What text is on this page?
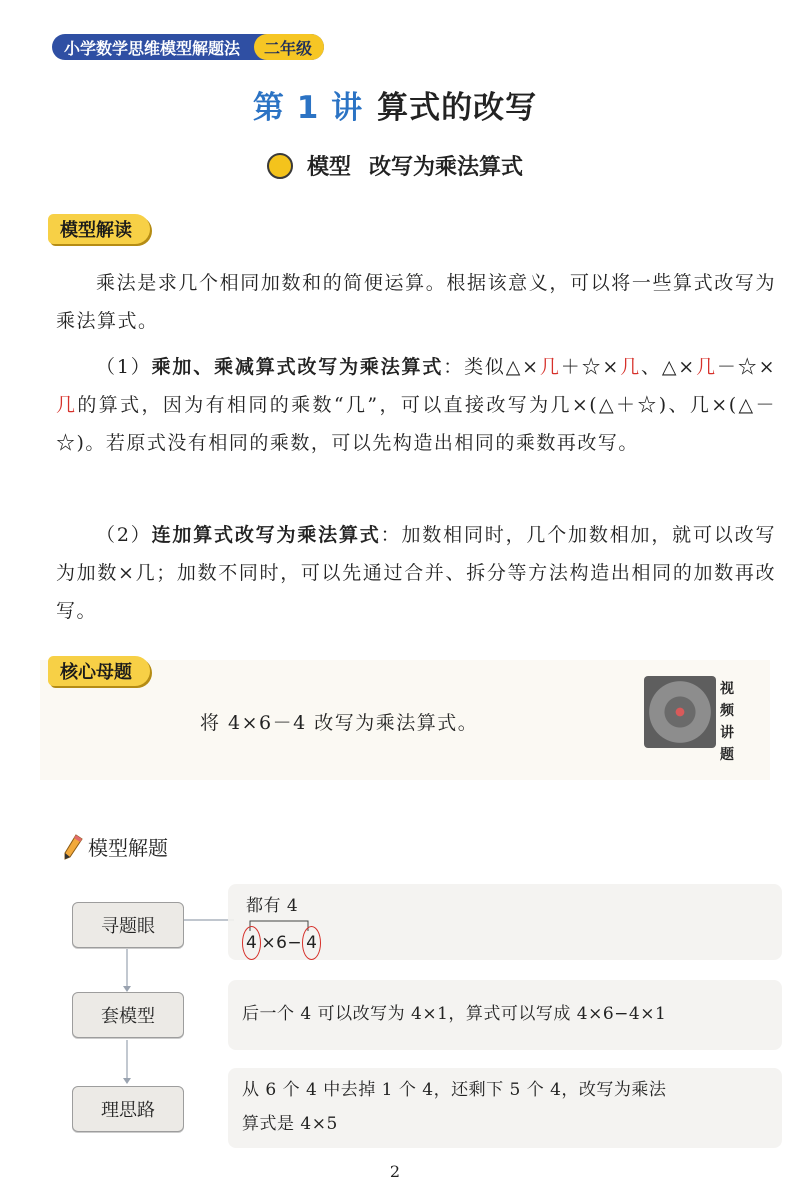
小学数学思维模型解题法	二年级
第 1 讲 算式的改写
模型 改写为乘法算式
模型解读
乘法是求几个相同加数和的简便运算。根据该意义，可以将一些算式改写为乘法算式。
（1）乘加、乘减算式改写为乘法算式：类似△×几＋☆×几、△×几－☆×几的算式，因为有相同的乘数“几”，可以直接改写为几×(△＋☆)、几×(△－☆)。若原式没有相同的乘数，可以先构造出相同的乘数再改写。
（2）连加算式改写为乘法算式：加数相同时，几个加数相加，就可以改写为加数×几；加数不同时，可以先通过合并、拆分等方法构造出相同的加数再改写。
核心母题
将 4×6－4 改写为乘法算式。
视频讲题
模型解题
寻题眼
都有 4
4 ×6− 4
套模型	后一个 4 可以改写为 4×1，算式可以写成 4×6−4×1
理思路
从 6 个 4 中去掉 1 个 4，还剩下 5 个 4，改写为乘法
算式是 4×5
2
